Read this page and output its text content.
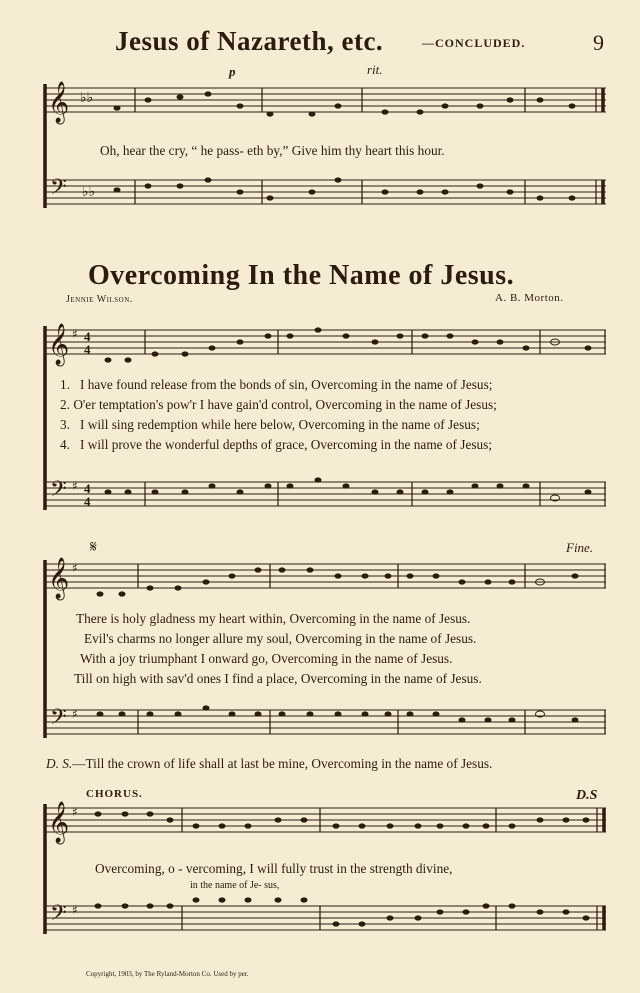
Jesus of Nazareth, etc.	—CONCLUDED.	9
p	rit.
𝄞
𝄢
♭♭
♭♭
Oh, hear the cry, “ he pass- eth by,” Give him thy heart this hour.
Overcoming In the Name of Jesus.
Jennie Wilson.	A. B. Morton.
𝄞
𝄢
♯
♯
4
4
4
4
1. I have found release from the bonds of sin, Overcoming in the name of Jesus;
2. O'er temptation's pow'r I have gain'd control, Overcoming in the name of Jesus;
3. I will sing redemption while here below, Overcoming in the name of Jesus;
4. I will prove the wonderful depths of grace, Overcoming in the name of Jesus;
Fine.
𝄞
𝄢
♯
♯
𝄋
There is holy gladness my heart within, Overcoming in the name of Jesus.
Evil's charms no longer allure my soul, Overcoming in the name of Jesus.
With a joy triumphant I onward go, Overcoming in the name of Jesus.
Till on high with sav'd ones I find a place, Overcoming in the name of Jesus.
D. S.—Till the crown of life shall at last be mine, Overcoming in the name of Jesus.
CHORUS.	D.S
𝄞
𝄢
♯
♯
Overcoming, o - vercoming, I will fully trust in the strength divine,
in the name of Je- sus,
Copyright, 1903, by The Ryland-Morton Co. Used by per.
